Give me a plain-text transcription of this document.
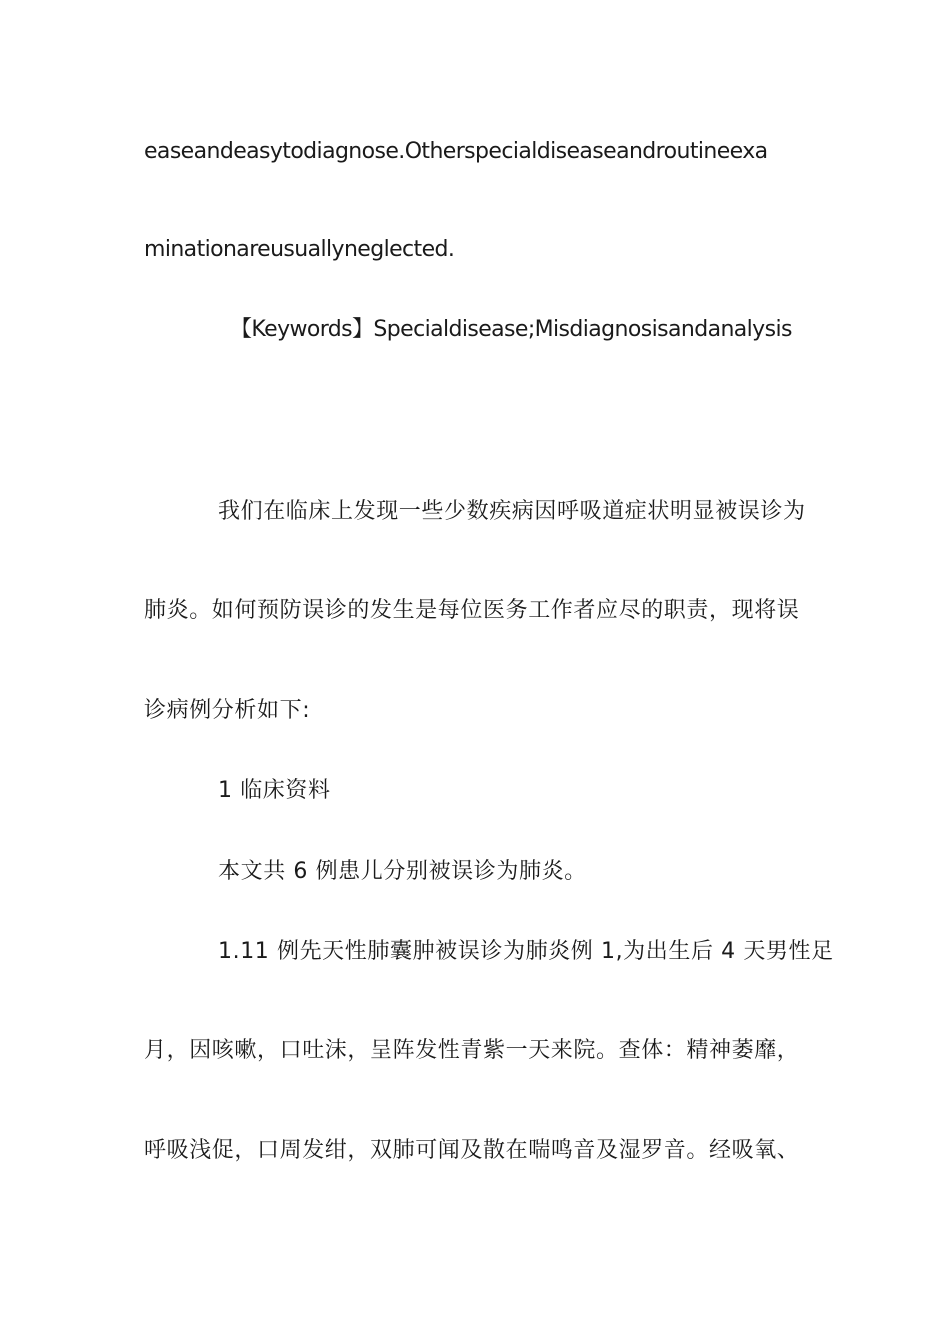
easeandeasytodiagnose.Otherspecialdiseaseandroutineexa
minationareusuallyneglected.
【Keywords】Specialdisease;Misdiagnosisandanalysis
我们在临床上发现一些少数疾病因呼吸道症状明显被误诊为
肺炎。如何预防误诊的发生是每位医务工作者应尽的职责，现将误
诊病例分析如下:
1 临床资料
本文共 6 例患儿分别被误诊为肺炎。
1.11 例先天性肺囊肿被误诊为肺炎例 1,为出生后 4 天男性足
月，因咳嗽，口吐沫，呈阵发性青紫一天来院。查体：精神萎靡，
呼吸浅促，口周发绀，双肺可闻及散在喘鸣音及湿罗音。经吸氧、
